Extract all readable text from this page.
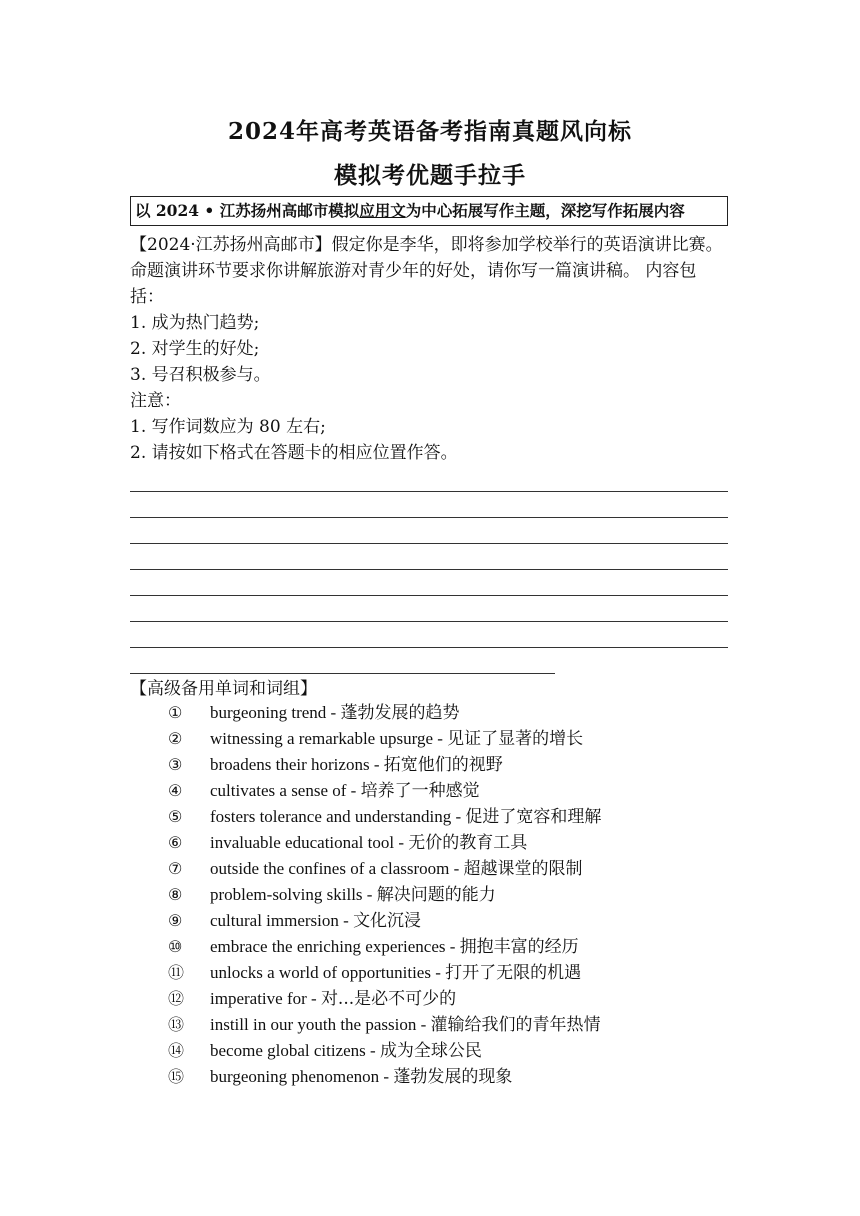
2024年高考英语备考指南真题风向标
模拟考优题手拉手
以 2024 • 江苏扬州高邮市模拟应用文为中心拓展写作主题，深挖写作拓展内容
【2024·江苏扬州高邮市】假定你是李华，即将参加学校举行的英语演讲比赛。命题演讲环节要求你讲解旅游对青少年的好处，请你写一篇演讲稿。 内容包括：
1. 成为热门趋势;
2. 对学生的好处;
3. 号召积极参与。
注意：
1. 写作词数应为 80 左右;
2. 请按如下格式在答题卡的相应位置作答。
【高级备用单词和词组】
① burgeoning trend - 蓬勃发展的趋势
② witnessing a remarkable upsurge - 见证了显著的增长
③ broadens their horizons - 拓宽他们的视野
④ cultivates a sense of - 培养了一种感觉
⑤ fosters tolerance and understanding - 促进了宽容和理解
⑥ invaluable educational tool - 无价的教育工具
⑦ outside the confines of a classroom - 超越课堂的限制
⑧ problem-solving skills - 解决问题的能力
⑨ cultural immersion - 文化沉浸
⑩ embrace the enriching experiences - 拥抱丰富的经历
⑪ unlocks a world of opportunities - 打开了无限的机遇
⑫ imperative for - 对...是必不可少的
⑬ instill in our youth the passion - 灌输给我们的青年热情
⑭ become global citizens - 成为全球公民
⑮ burgeoning phenomenon - 蓬勃发展的现象
